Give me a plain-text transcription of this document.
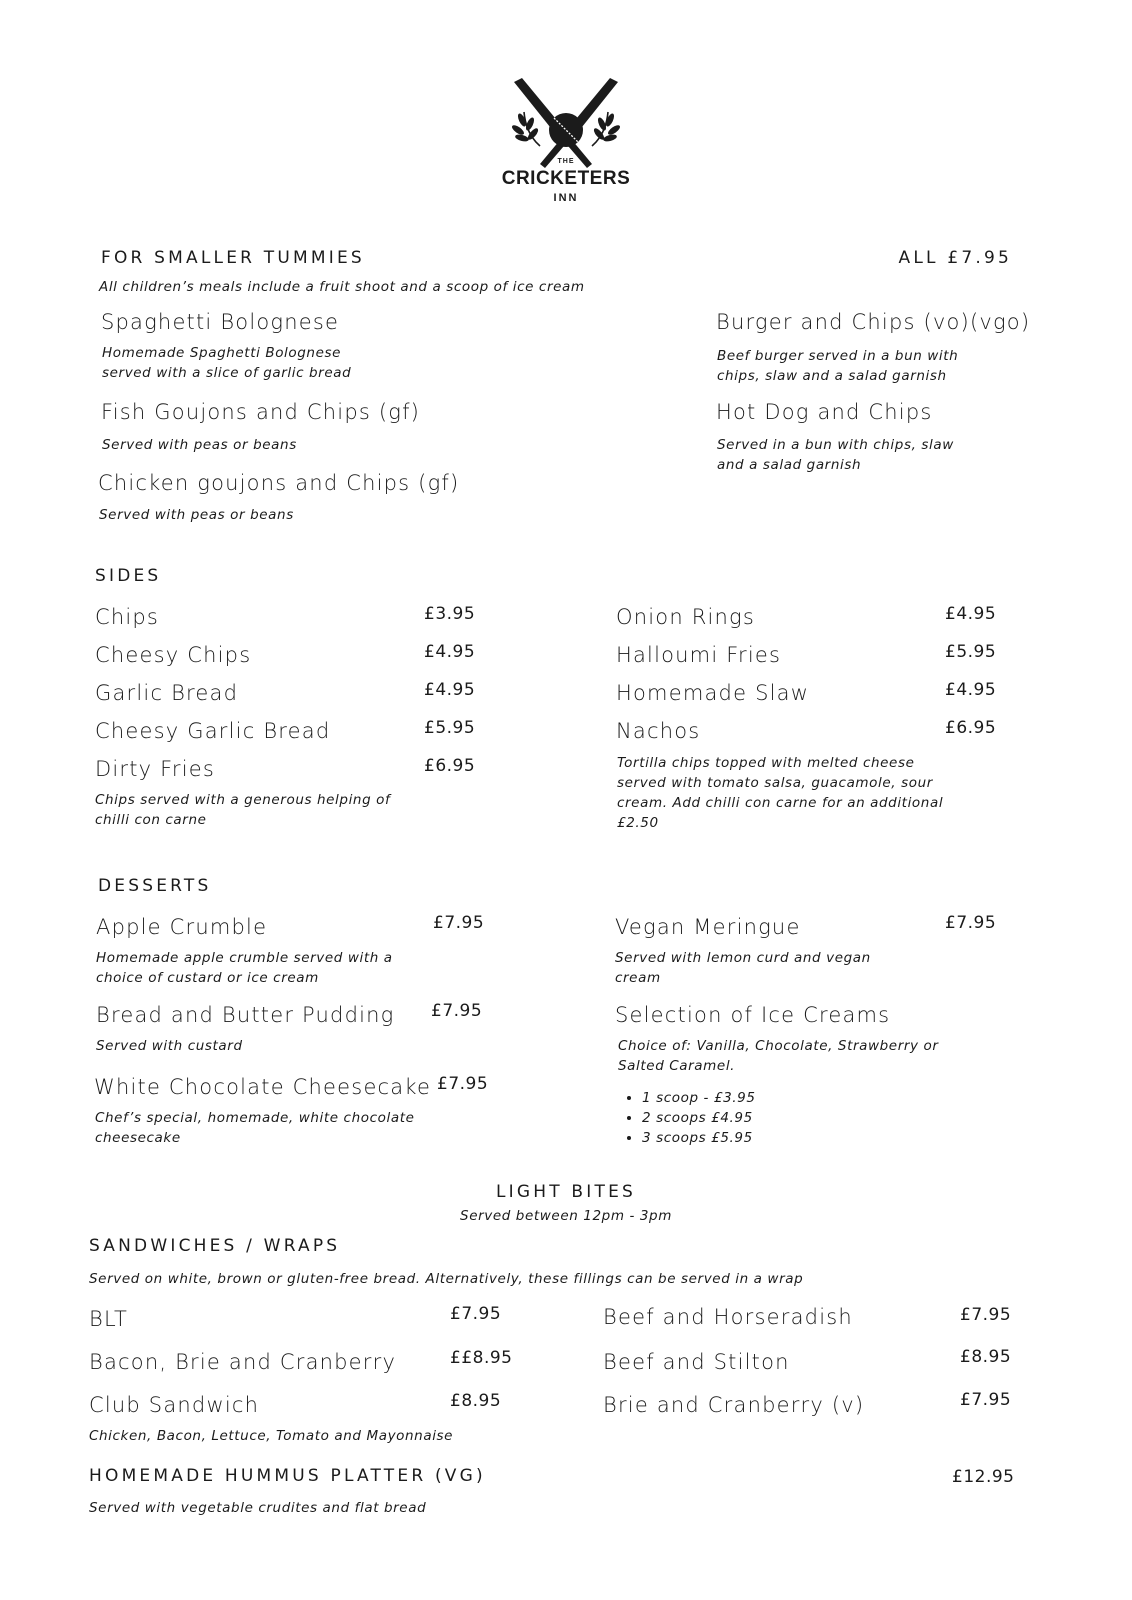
THE
CRICKETERS
INN
FOR SMALLER TUMMIES	ALL £7.95
All children’s meals include a fruit shoot and a scoop of ice cream
Spaghetti Bolognese
Homemade Spaghetti Bolognese served with a slice of garlic bread
Fish Goujons and Chips (gf)
Served with peas or beans
Chicken goujons and Chips (gf)
Served with peas or beans
Burger and Chips (vo)(vgo)
Beef burger served in a bun with chips, slaw and a salad garnish
Hot Dog and Chips
Served in a bun with chips, slaw and a salad garnish
SIDES
Chips	£3.95
Cheesy Chips	£4.95
Garlic Bread	£4.95
Cheesy Garlic Bread	£5.95
Dirty Fries	£6.95
Chips served with a generous helping of chilli con carne
Onion Rings	£4.95
Halloumi Fries	£5.95
Homemade Slaw	£4.95
Nachos	£6.95
Tortilla chips topped with melted cheese served with tomato salsa, guacamole, sour cream. Add chilli con carne for an additional £2.50
DESSERTS
Apple Crumble	£7.95
Homemade apple crumble served with a choice of custard or ice cream
Bread and Butter Pudding £7.95
Served with custard
White Chocolate Cheesecake £7.95
Chef’s special, homemade, white chocolate cheesecake
Vegan Meringue	£7.95
Served with lemon curd and vegan cream
Selection of Ice Creams
Choice of: Vanilla, Chocolate, Strawberry or Salted Caramel.
• 1 scoop - £3.95
• 2 scoops £4.95
• 3 scoops £5.95
LIGHT BITES
Served between 12pm - 3pm
SANDWICHES / WRAPS
Served on white, brown or gluten-free bread. Alternatively, these fillings can be served in a wrap
BLT	£7.95
Bacon, Brie and Cranberry	££8.95
Club Sandwich	£8.95
Chicken, Bacon, Lettuce, Tomato and Mayonnaise
Beef and Horseradish	£7.95
Beef and Stilton	£8.95
Brie and Cranberry (v)	£7.95
HOMEMADE HUMMUS PLATTER (VG)	£12.95
Served with vegetable crudites and flat bread
